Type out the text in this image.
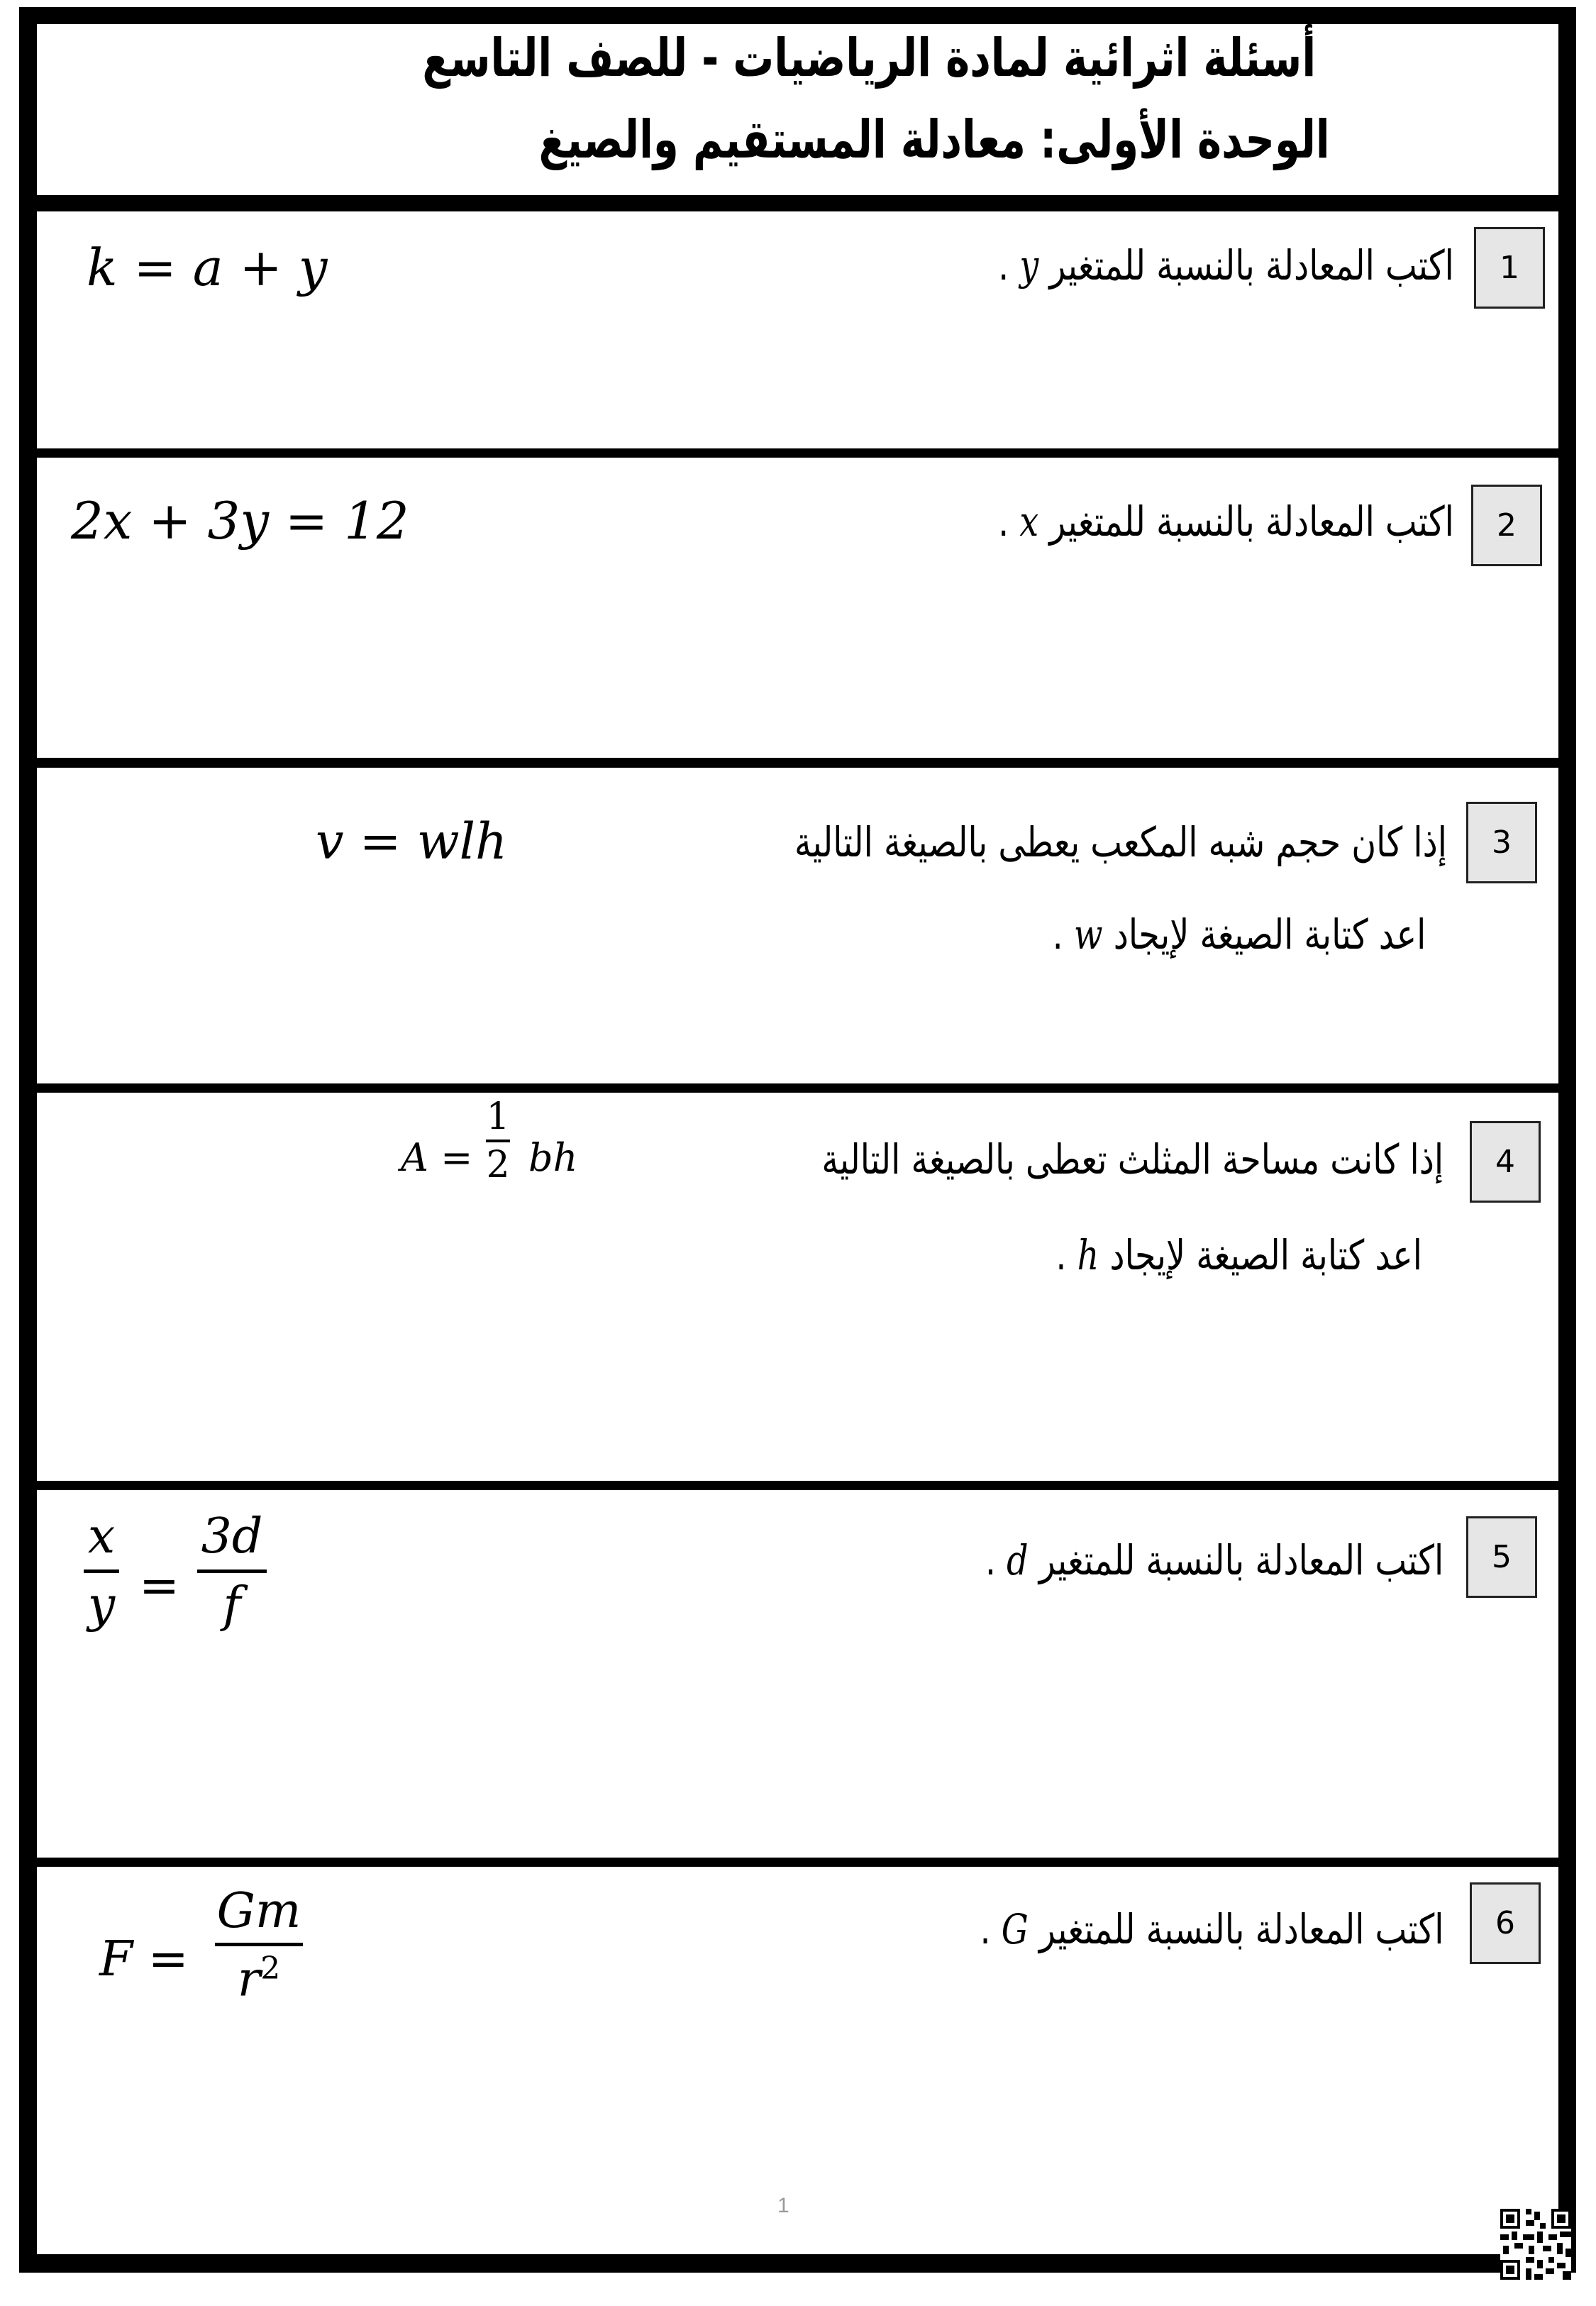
أسئلة اثرائية لمادة الرياضيات - للصف التاسع
الوحدة الأولى: معادلة المستقيم والصيغ
1
اكتب المعادلة بالنسبة للمتغير y .
k = a + y
2
اكتب المعادلة بالنسبة للمتغير x .
2x + 3y = 12
3
إذا كان حجم شبه المكعب يعطى بالصيغة التالية
v = wlh
اعد كتابة الصيغة لإيجاد w .
4
إذا كانت مساحة المثلث تعطى بالصيغة التالية
A =
1
2 bh
اعد كتابة الصيغة لإيجاد h .
5
اكتب المعادلة بالنسبة للمتغير d .
x
y =
3d
f
6
اكتب المعادلة بالنسبة للمتغير G .
F =
Gm
$r^2$
1
